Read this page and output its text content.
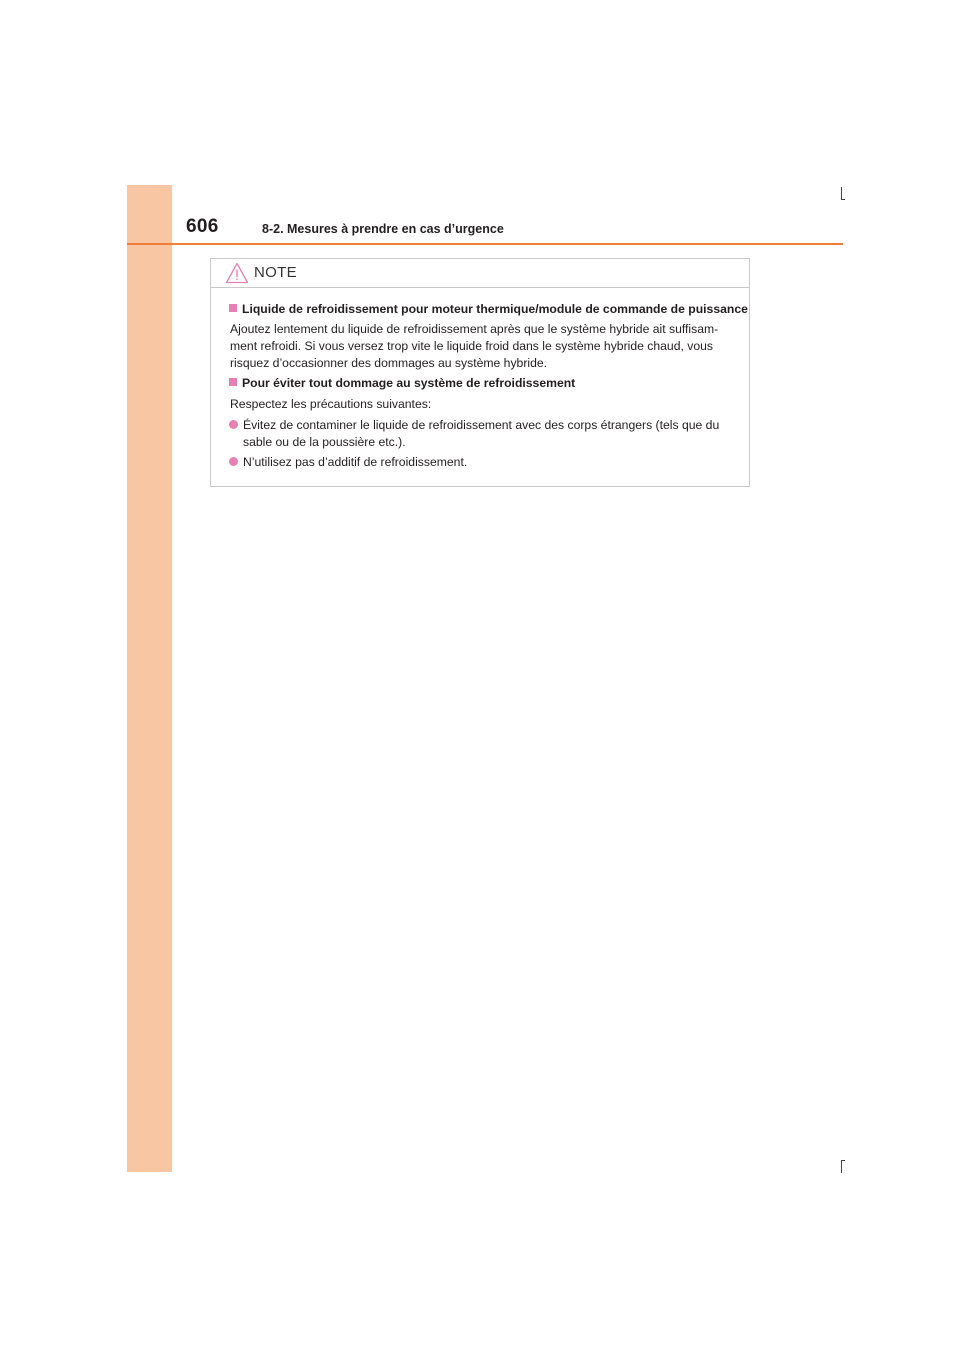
606	8-2. Mesures à prendre en cas d’urgence
NOTE
Liquide de refroidissement pour moteur thermique/module de commande de puissance
Ajoutez lentement du liquide de refroidissement après que le système hybride ait suffisam-
ment refroidi. Si vous versez trop vite le liquide froid dans le système hybride chaud, vous
risquez d’occasionner des dommages au système hybride.
Pour éviter tout dommage au système de refroidissement
Respectez les précautions suivantes:
Évitez de contaminer le liquide de refroidissement avec des corps étrangers (tels que du
sable ou de la poussière etc.).
N’utilisez pas d’additif de refroidissement.
